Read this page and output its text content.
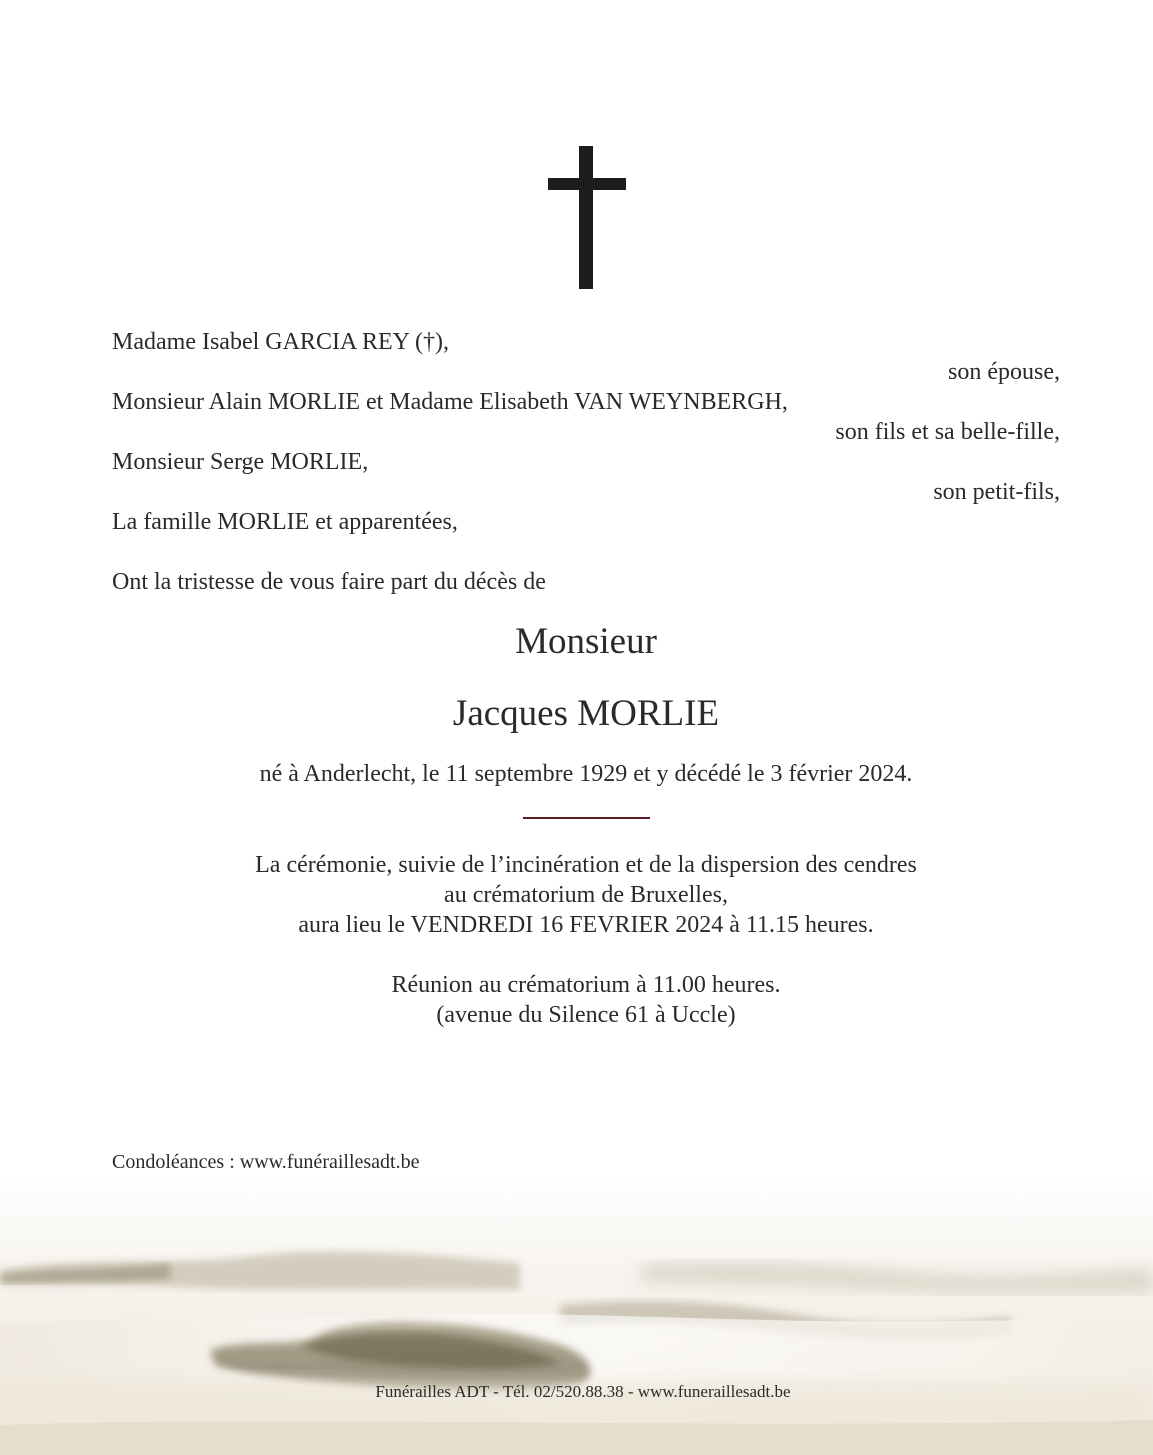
Madame Isabel GARCIA REY (†),
son épouse,
Monsieur Alain MORLIE et Madame Elisabeth VAN WEYNBERGH,
son fils et sa belle-fille,
Monsieur Serge MORLIE,
son petit-fils,
La famille MORLIE et apparentées,
Ont la tristesse de vous faire part du décès de
Monsieur
Jacques MORLIE
né à Anderlecht, le 11 septembre 1929 et y décédé le 3 février 2024.
La cérémonie, suivie de l’incinération et de la dispersion des cendres
au crématorium de Bruxelles,
aura lieu le VENDREDI 16 FEVRIER 2024 à 11.15 heures.
Réunion au crématorium à 11.00 heures.
(avenue du Silence 61 à Uccle)
Condoléances : www.funéraillesadt.be
Funérailles ADT - Tél. 02/520.88.38 - www.funeraillesadt.be
